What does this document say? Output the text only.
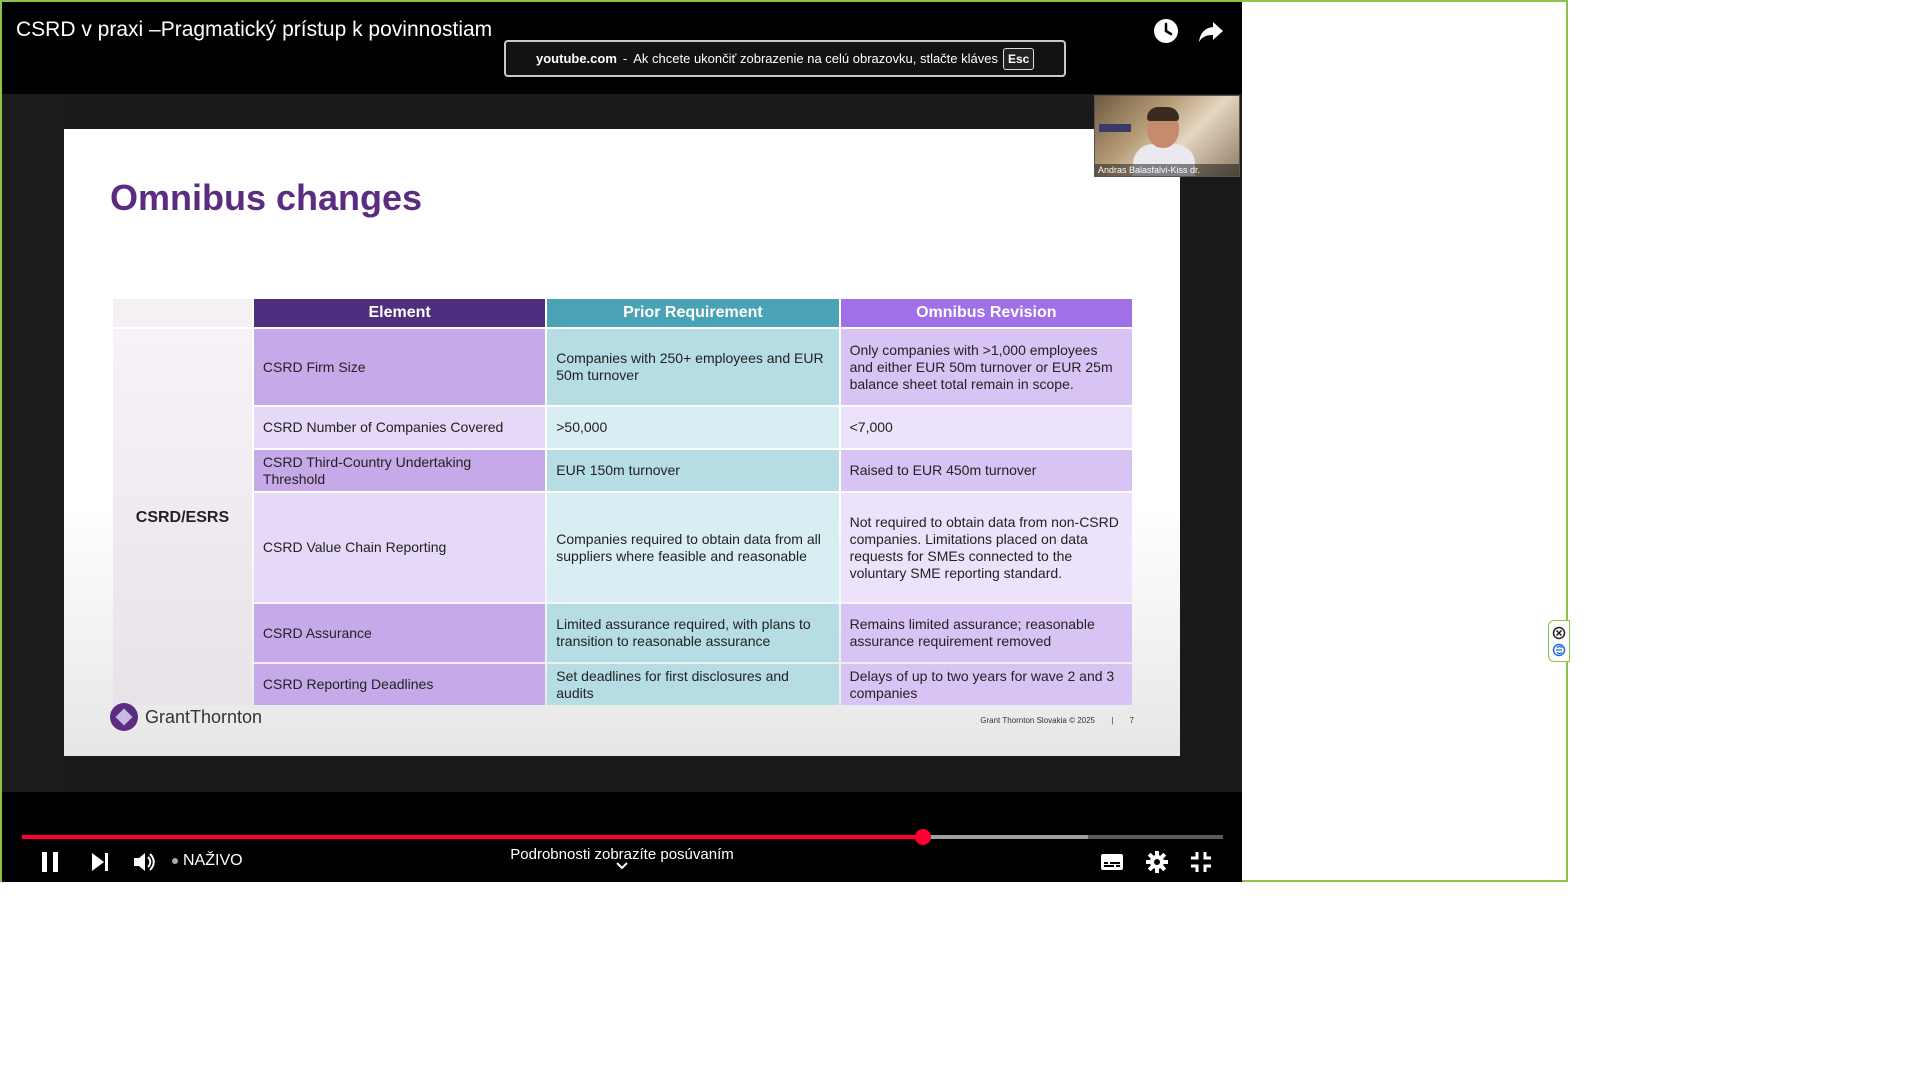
Omnibus changes
	Element	Prior Requirement	Omnibus Revision
CSRD/ESRS	CSRD Firm Size	Companies with 250+ employees and EUR 50m turnover	Only companies with >1,000 employees and either EUR 50m turnover or EUR 25m balance sheet total remain in scope.
	CSRD Number of Companies Covered	>50,000	<7,000
	CSRD Third-Country Undertaking Threshold	EUR 150m turnover	Raised to EUR 450m turnover
	CSRD Value Chain Reporting	Companies required to obtain data from all suppliers where feasible and reasonable	Not required to obtain data from non-CSRD companies. Limitations placed on data requests for SMEs connected to the voluntary SME reporting standard.
	CSRD Assurance	Limited assurance required, with plans to transition to reasonable assurance	Remains limited assurance; reasonable assurance requirement removed
	CSRD Reporting Deadlines	Set deadlines for first disclosures and audits	Delays of up to two years for wave 2 and 3 companies
GrantThornton	Grant Thornton Slovakia © 2025 | 7
Andras Balasfalvi-Kiss dr.
CSRD v praxi –Pragmatický prístup k povinnostiam
youtube.com - Ak chcete ukončiť zobrazenie na celú obrazovku, stlačte kláves Esc
NAŽIVO	Podrobnosti zobrazíte posúvaním
